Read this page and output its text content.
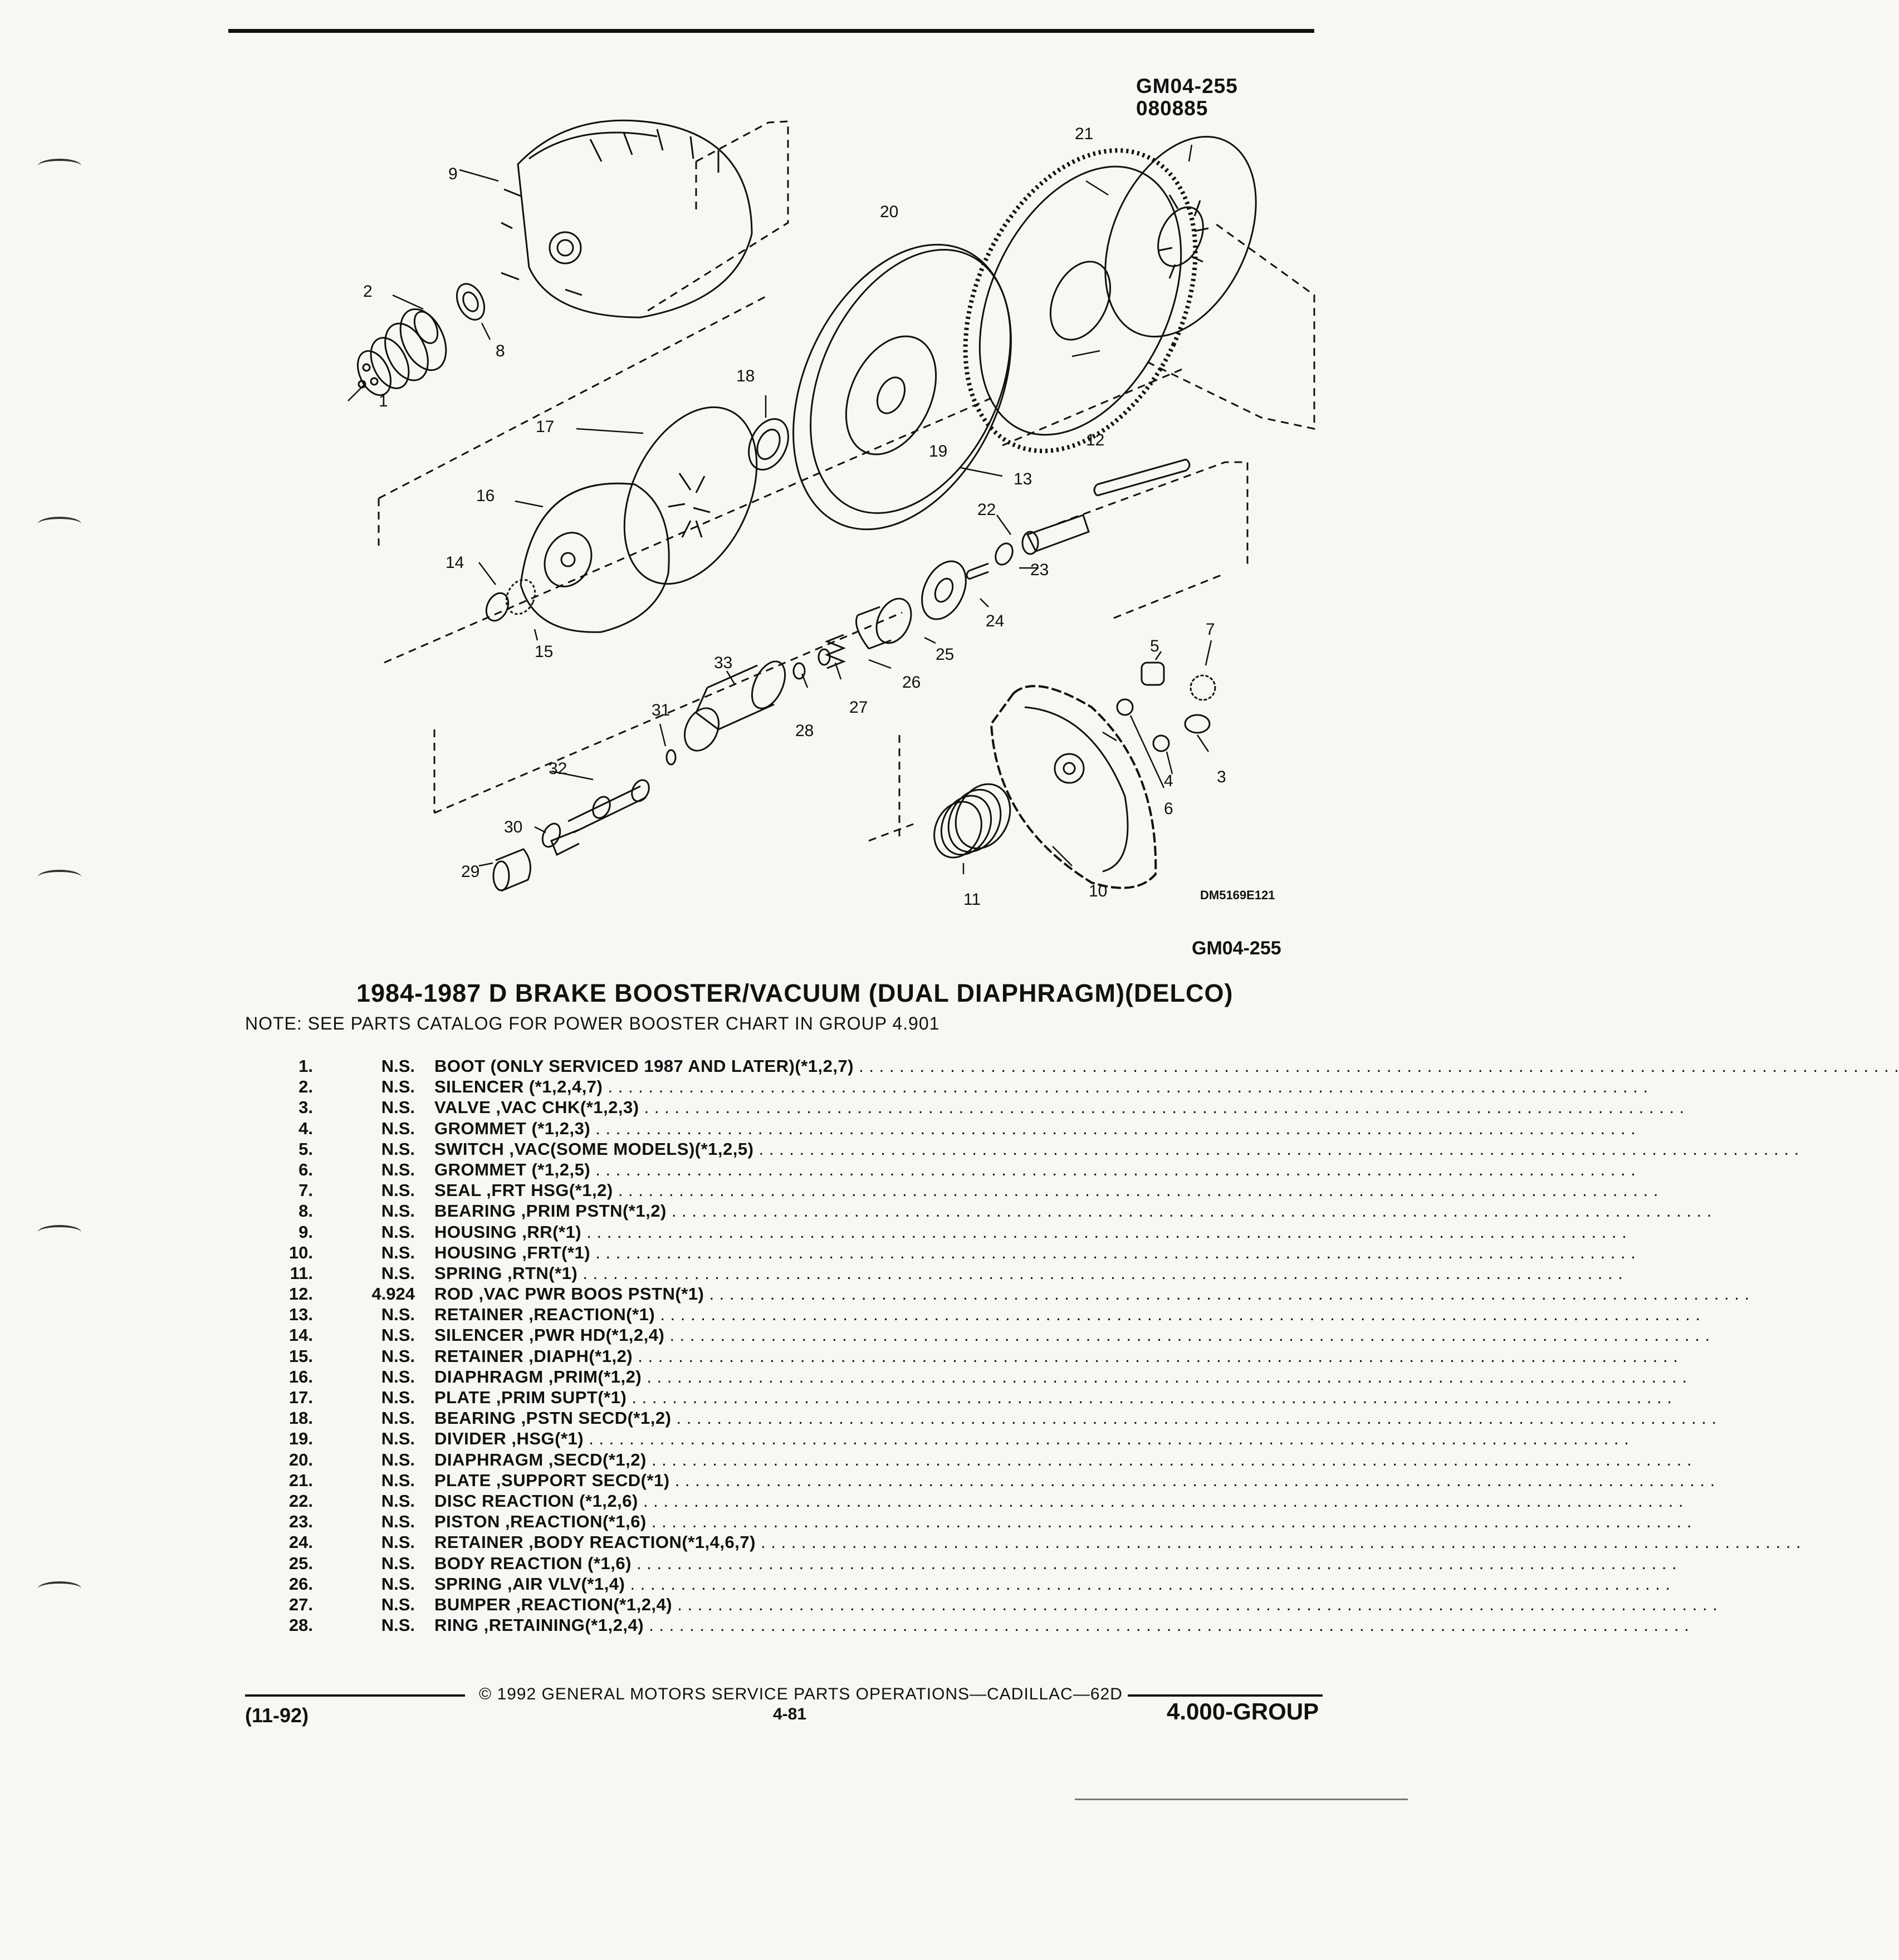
GM04-255
080885
1
2
3
4
5
6
7
8
9
10
11
12
13
14
15
16
17
18
19
20
21
22
23
24
25
26
27
28
29
30
31
32
33
DM5169E121
GM04-255
1984-1987 D BRAKE BOOSTER/VACUUM (DUAL DIAPHRAGM)(DELCO)
NOTE: SEE PARTS CATALOG FOR POWER BOOSTER CHART IN GROUP 4.901
1.	N.S. BOOT (ONLY SERVICED 1987 AND LATER)(*1,2,7) . . .
2.	N.S. SILENCER (*1,2,4,7) . . .
3.	N.S. VALVE ,VAC CHK(*1,2,3) . . .
4.	N.S. GROMMET (*1,2,3) . . .
5.	N.S. SWITCH ,VAC(SOME MODELS)(*1,2,5) . . .
6.	N.S. GROMMET (*1,2,5) . . .
7.	N.S. SEAL ,FRT HSG(*1,2) . . .
8.	N.S. BEARING ,PRIM PSTN(*1,2) . . .
9.	N.S. HOUSING ,RR(*1) . . .
10.	N.S. HOUSING ,FRT(*1) . . .
11.	N.S. SPRING ,RTN(*1) . . .
12.	4.924 ROD ,VAC PWR BOOS PSTN(*1) . . .
13.	N.S. RETAINER ,REACTION(*1) . . .
14.	N.S. SILENCER ,PWR HD(*1,2,4) . . .
15.	N.S. RETAINER ,DIAPH(*1,2) . . .
16.	N.S. DIAPHRAGM ,PRIM(*1,2) . . .
17.	N.S. PLATE ,PRIM SUPT(*1) . . .
18.	N.S. BEARING ,PSTN SECD(*1,2) . . .
19.	N.S. DIVIDER ,HSG(*1) . . .
20.	N.S. DIAPHRAGM ,SECD(*1,2) . . .
21.	N.S. PLATE ,SUPPORT SECD(*1) . . .
22.	N.S. DISC REACTION (*1,2,6) . . .
23.	N.S. PISTON ,REACTION(*1,6) . . .
24.	N.S. RETAINER ,BODY REACTION(*1,4,6,7) . . .
25.	N.S. BODY REACTION (*1,6) . . .
26.	N.S. SPRING ,AIR VLV(*1,4) . . .
27.	N.S. BUMPER ,REACTION(*1,2,4) . . .
28.	N.S. RING ,RETAINING(*1,2,4) . . .
© 1992 GENERAL MOTORS SERVICE PARTS OPERATIONS—CADILLAC—62D
(11-92)	4-81	4.000-GROUP
